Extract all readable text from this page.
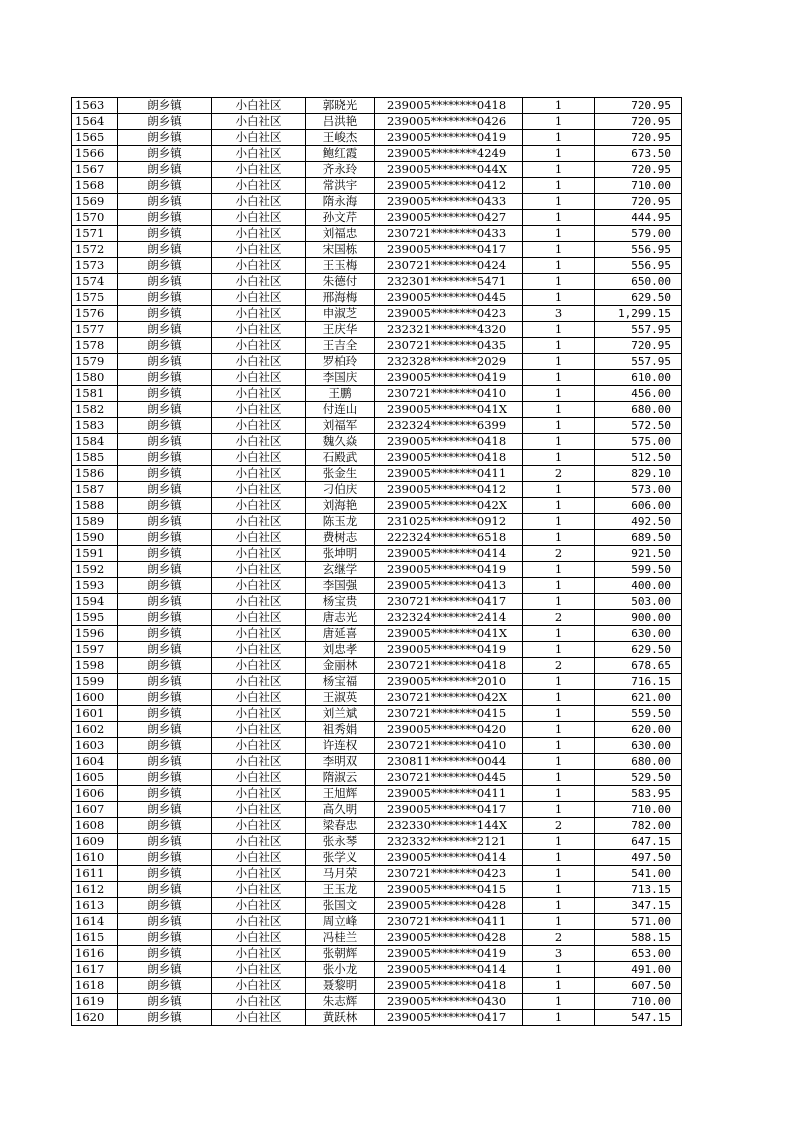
1563	朗乡镇	小白社区	郭晓光	239005********0418	1	720.95
1564	朗乡镇	小白社区	吕洪艳	239005********0426	1	720.95
1565	朗乡镇	小白社区	王峻杰	239005********0419	1	720.95
1566	朗乡镇	小白社区	鲍红霞	239005********4249	1	673.50
1567	朗乡镇	小白社区	齐永玲	239005********044X	1	720.95
1568	朗乡镇	小白社区	常洪宇	239005********0412	1	710.00
1569	朗乡镇	小白社区	隋永海	239005********0433	1	720.95
1570	朗乡镇	小白社区	孙文芹	239005********0427	1	444.95
1571	朗乡镇	小白社区	刘福忠	230721********0433	1	579.00
1572	朗乡镇	小白社区	宋国栋	239005********0417	1	556.95
1573	朗乡镇	小白社区	王玉梅	230721********0424	1	556.95
1574	朗乡镇	小白社区	朱德付	232301********5471	1	650.00
1575	朗乡镇	小白社区	邢海梅	239005********0445	1	629.50
1576	朗乡镇	小白社区	申淑芝	239005********0423	3	1,299.15
1577	朗乡镇	小白社区	王庆华	232321********4320	1	557.95
1578	朗乡镇	小白社区	王吉全	230721********0435	1	720.95
1579	朗乡镇	小白社区	罗柏玲	232328********2029	1	557.95
1580	朗乡镇	小白社区	李国庆	239005********0419	1	610.00
1581	朗乡镇	小白社区	王鹏	230721********0410	1	456.00
1582	朗乡镇	小白社区	付连山	239005********041X	1	680.00
1583	朗乡镇	小白社区	刘福军	232324********6399	1	572.50
1584	朗乡镇	小白社区	魏久焱	239005********0418	1	575.00
1585	朗乡镇	小白社区	石殿武	239005********0418	1	512.50
1586	朗乡镇	小白社区	张金生	239005********0411	2	829.10
1587	朗乡镇	小白社区	刁伯庆	239005********0412	1	573.00
1588	朗乡镇	小白社区	刘海艳	239005********042X	1	606.00
1589	朗乡镇	小白社区	陈玉龙	231025********0912	1	492.50
1590	朗乡镇	小白社区	费树志	222324********6518	1	689.50
1591	朗乡镇	小白社区	张坤明	239005********0414	2	921.50
1592	朗乡镇	小白社区	玄继学	239005********0419	1	599.50
1593	朗乡镇	小白社区	李国强	239005********0413	1	400.00
1594	朗乡镇	小白社区	杨宝贵	230721********0417	1	503.00
1595	朗乡镇	小白社区	唐志光	232324********2414	2	900.00
1596	朗乡镇	小白社区	唐延喜	239005********041X	1	630.00
1597	朗乡镇	小白社区	刘忠孝	239005********0419	1	629.50
1598	朗乡镇	小白社区	金丽林	230721********0418	2	678.65
1599	朗乡镇	小白社区	杨宝福	239005********2010	1	716.15
1600	朗乡镇	小白社区	王淑英	230721********042X	1	621.00
1601	朗乡镇	小白社区	刘兰斌	230721********0415	1	559.50
1602	朗乡镇	小白社区	祖秀娟	239005********0420	1	620.00
1603	朗乡镇	小白社区	许连权	230721********0410	1	630.00
1604	朗乡镇	小白社区	李明双	230811********0044	1	680.00
1605	朗乡镇	小白社区	隋淑云	230721********0445	1	529.50
1606	朗乡镇	小白社区	王旭辉	239005********0411	1	583.95
1607	朗乡镇	小白社区	高久明	239005********0417	1	710.00
1608	朗乡镇	小白社区	梁春忠	232330********144X	2	782.00
1609	朗乡镇	小白社区	张永琴	232332********2121	1	647.15
1610	朗乡镇	小白社区	张学义	239005********0414	1	497.50
1611	朗乡镇	小白社区	马月荣	230721********0423	1	541.00
1612	朗乡镇	小白社区	王玉龙	239005********0415	1	713.15
1613	朗乡镇	小白社区	张国文	239005********0428	1	347.15
1614	朗乡镇	小白社区	周立峰	230721********0411	1	571.00
1615	朗乡镇	小白社区	冯桂兰	239005********0428	2	588.15
1616	朗乡镇	小白社区	张朝辉	239005********0419	3	653.00
1617	朗乡镇	小白社区	张小龙	239005********0414	1	491.00
1618	朗乡镇	小白社区	聂黎明	239005********0418	1	607.50
1619	朗乡镇	小白社区	朱志辉	239005********0430	1	710.00
1620	朗乡镇	小白社区	黄跃林	239005********0417	1	547.15
